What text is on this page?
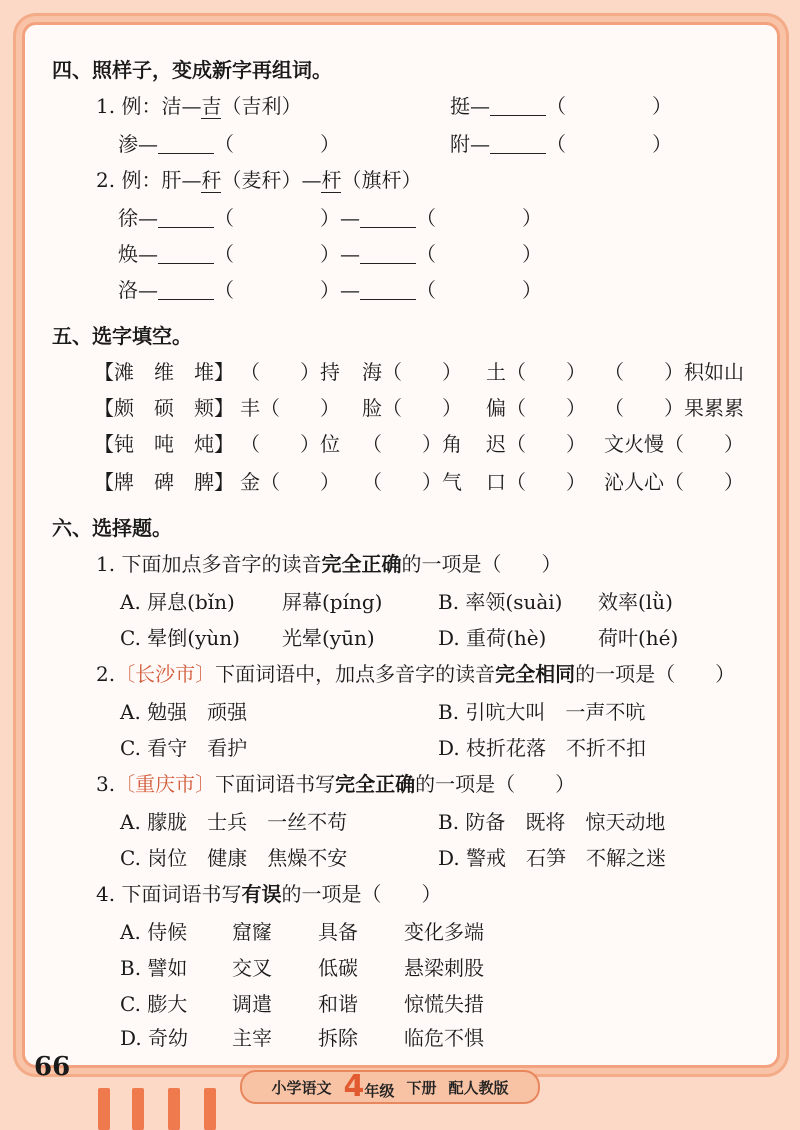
四、照样子，变成新字再组词。
1. 例：洁—吉（吉利）	挺—	（	）
渗—	（	）	附—	（	）
2. 例：肝—秆（麦秆）—杆（旗杆）
徐—	（	）—	（	）
焕—	（	）—	（	）
洛—	（	）—	（	）
五、选字填空。
【滩　维　堆】 （　　）持 海（　　） 土（　　） （　　）积如山
【颇　硕　颊】 丰（　　） 脸（　　） 偏（　　） （　　）果累累
【钝　吨　炖】 （　　）位 （　　）角 迟（　　） 文火慢（　　）
【牌　碑　脾】 金（　　） （　　）气 口（　　） 沁人心（　　）
六、选择题。
1. 下面加点多音字的读音完全正确的一项是（　　）
A. 屏息(bǐn) 屏幕(píng)	B. 率领(suài) 效率(lǜ)
C. 晕倒(yùn) 光晕(yūn)	D. 重荷(hè)	荷叶(hé)
2.〔长沙市〕下面词语中，加点多音字的读音完全相同的一项是（　　）
A. 勉强　顽强	B. 引吭大叫　一声不吭
C. 看守　看护	D. 枝折花落　不折不扣
3.〔重庆市〕下面词语书写完全正确的一项是（　　）
A. 朦胧　士兵　一丝不苟	B. 防备　既将　惊天动地
C. 岗位　健康　焦燥不安	D. 警戒　石笋　不解之迷
4. 下面词语书写有误的一项是（　　）
A. 侍候 窟窿 具备 变化多端
B. 譬如 交叉 低碳 悬梁刺股
C. 膨大 调遣 和谐 惊慌失措
D. 奇幼 主宰 拆除 临危不惧
66
小学语文 4年级 下册 配人教版
